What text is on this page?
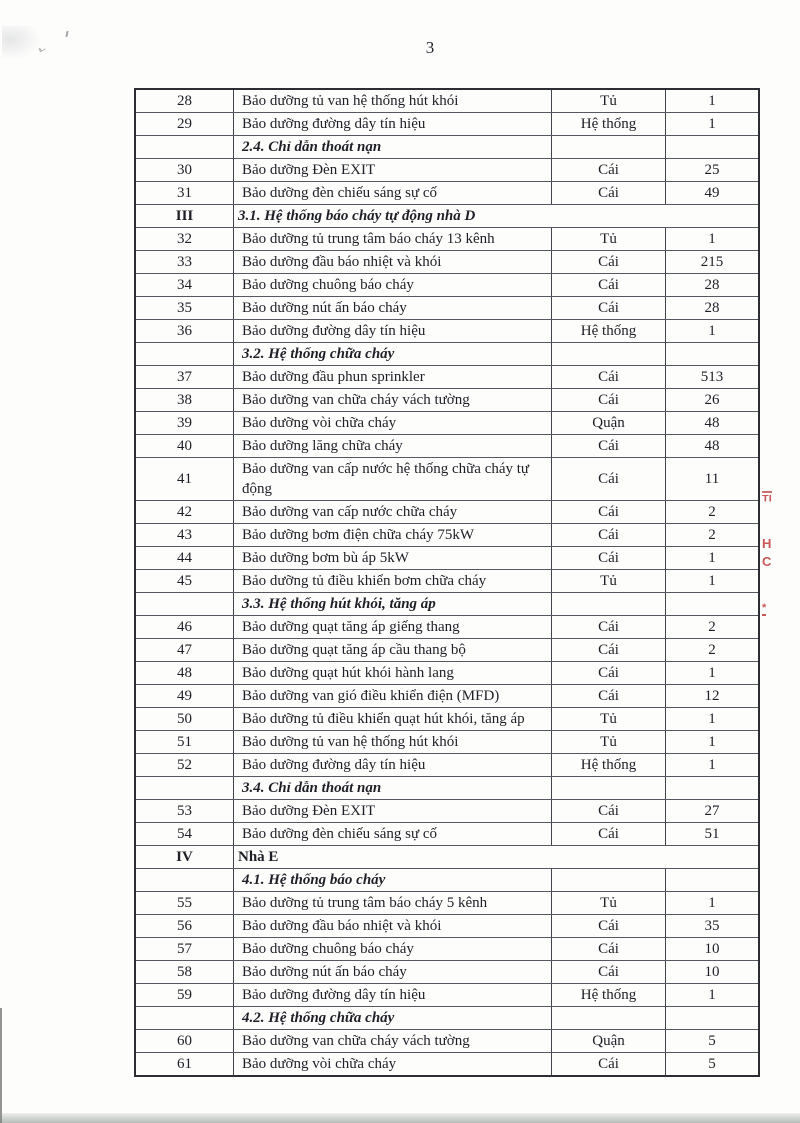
3
28	Bảo dưỡng tủ van hệ thống hút khói	Tủ	1
29	Bảo dưỡng đường dây tín hiệu	Hệ thống	1
	2.4. Chỉ dẫn thoát nạn		
30	Bảo dưỡng Đèn EXIT	Cái	25
31	Bảo dưỡng đèn chiếu sáng sự cố	Cái	49
III	3.1. Hệ thống báo cháy tự động nhà D		
32	Bảo dưỡng tủ trung tâm báo cháy 13 kênh	Tủ	1
33	Bảo dưỡng đầu báo nhiệt và khói	Cái	215
34	Bảo dưỡng chuông báo cháy	Cái	28
35	Bảo dưỡng nút ấn báo cháy	Cái	28
36	Bảo dưỡng đường dây tín hiệu	Hệ thống	1
	3.2. Hệ thống chữa cháy		
37	Bảo dưỡng đầu phun sprinkler	Cái	513
38	Bảo dưỡng van chữa cháy vách tường	Cái	26
39	Bảo dưỡng vòi chữa cháy	Quận	48
40	Bảo dưỡng lăng chữa cháy	Cái	48
41	Bảo dưỡng van cấp nước hệ thống chữa cháy tự động	Cái	11
42	Bảo dưỡng van cấp nước chữa cháy	Cái	2
43	Bảo dưỡng bơm điện chữa cháy 75kW	Cái	2
44	Bảo dưỡng bơm bù áp 5kW	Cái	1
45	Bảo dưỡng tủ điều khiển bơm chữa cháy	Tủ	1
	3.3. Hệ thống hút khói, tăng áp		
46	Bảo dưỡng quạt tăng áp giếng thang	Cái	2
47	Bảo dưỡng quạt tăng áp cầu thang bộ	Cái	2
48	Bảo dưỡng quạt hút khói hành lang	Cái	1
49	Bảo dưỡng van gió điều khiển điện (MFD)	Cái	12
50	Bảo dưỡng tủ điều khiển quạt hút khói, tăng áp	Tủ	1
51	Bảo dưỡng tủ van hệ thống hút khói	Tủ	1
52	Bảo dưỡng đường dây tín hiệu	Hệ thống	1
	3.4. Chỉ dẫn thoát nạn		
53	Bảo dưỡng Đèn EXIT	Cái	27
54	Bảo dưỡng đèn chiếu sáng sự cố	Cái	51
IV	Nhà E		
	4.1. Hệ thống báo cháy		
55	Bảo dưỡng tủ trung tâm báo cháy 5 kênh	Tủ	1
56	Bảo dưỡng đầu báo nhiệt và khói	Cái	35
57	Bảo dưỡng chuông báo cháy	Cái	10
58	Bảo dưỡng nút ấn báo cháy	Cái	10
59	Bảo dưỡng đường dây tín hiệu	Hệ thống	1
	4.2. Hệ thống chữa cháy		
60	Bảo dưỡng van chữa cháy vách tường	Quận	5
61	Bảo dưỡng vòi chữa cháy	Cái	5
TI
H
C
*
